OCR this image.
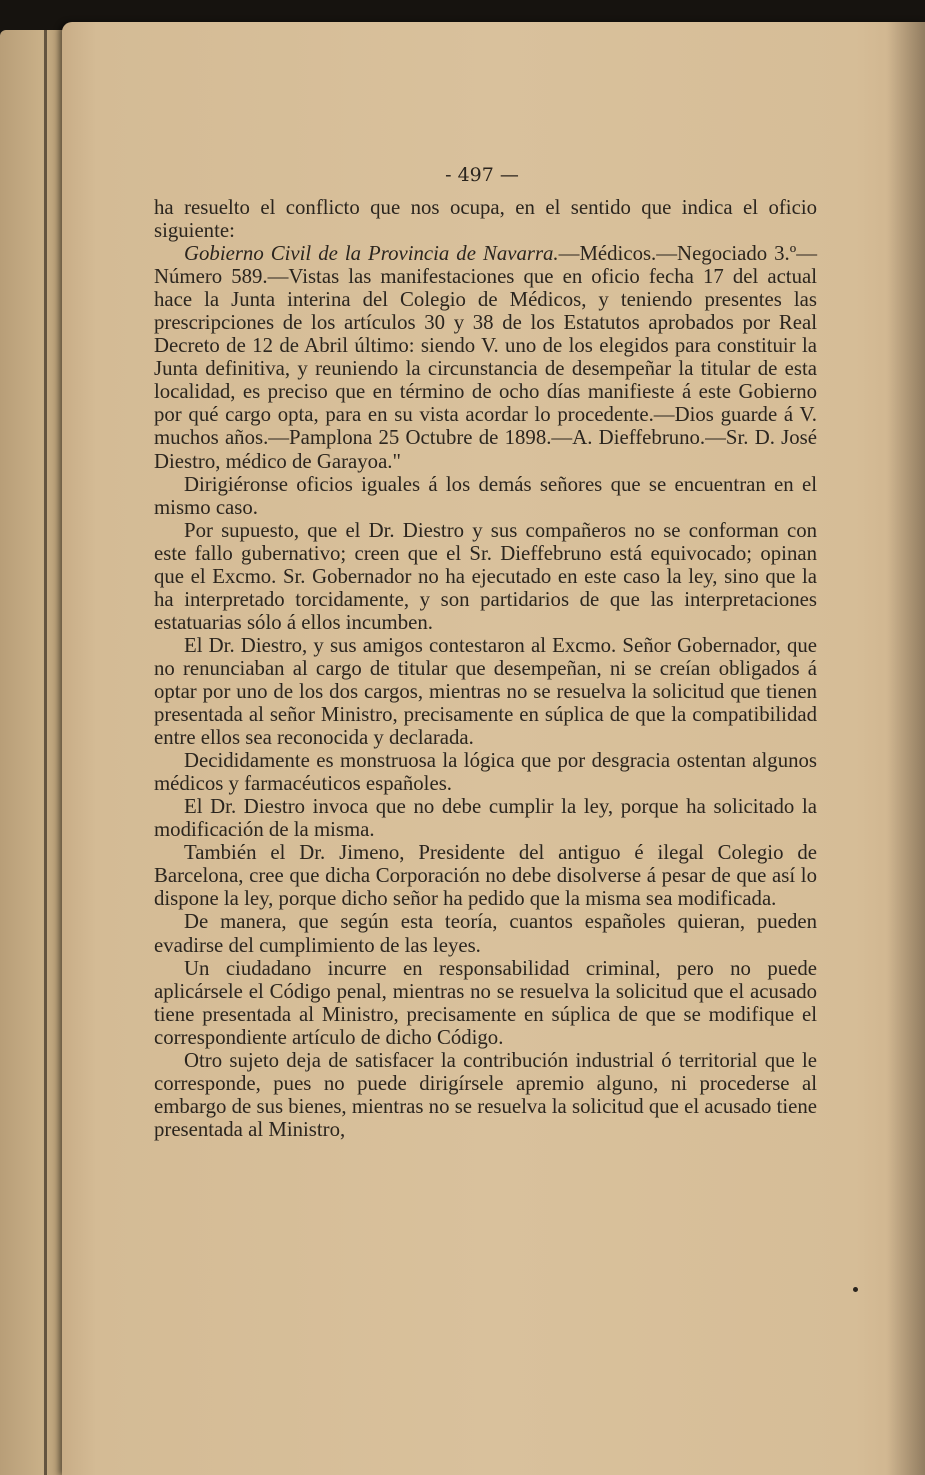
- 497 —

ha resuelto el conflicto que nos ocupa, en el sentido que indica el oficio siguiente:

Gobierno Civil de la Provincia de Navarra.—Médicos.—Negociado 3.º—Número 589.—Vistas las manifestaciones que en oficio fecha 17 del actual hace la Junta interina del Colegio de Médicos, y teniendo presentes las prescripciones de los artículos 30 y 38 de los Estatutos aprobados por Real Decreto de 12 de Abril último: siendo V. uno de los elegidos para constituir la Junta definitiva, y reuniendo la circunstancia de desempeñar la titular de esta localidad, es preciso que en término de ocho días manifieste á este Gobierno por qué cargo opta, para en su vista acordar lo procedente.—Dios guarde á V. muchos años.—Pamplona 25 Octubre de 1898.—A. Dieffebruno.—Sr. D. José Diestro, médico de Garayoa."

Dirigiéronse oficios iguales á los demás señores que se encuentran en el mismo caso.

Por supuesto, que el Dr. Diestro y sus compañeros no se conforman con este fallo gubernativo; creen que el Sr. Dieffebruno está equivocado; opinan que el Excmo. Sr. Gobernador no ha ejecutado en este caso la ley, sino que la ha interpretado torcidamente, y son partidarios de que las interpretaciones estatuarias sólo á ellos incumben.

El Dr. Diestro, y sus amigos contestaron al Excmo. Señor Gobernador, que no renunciaban al cargo de titular que desempeñan, ni se creían obligados á optar por uno de los dos cargos, mientras no se resuelva la solicitud que tienen presentada al señor Ministro, precisamente en súplica de que la compatibilidad entre ellos sea reconocida y declarada.

Decididamente es monstruosa la lógica que por desgracia ostentan algunos médicos y farmacéuticos españoles.

El Dr. Diestro invoca que no debe cumplir la ley, porque ha solicitado la modificación de la misma.

También el Dr. Jimeno, Presidente del antiguo é ilegal Colegio de Barcelona, cree que dicha Corporación no debe disolverse á pesar de que así lo dispone la ley, porque dicho señor ha pedido que la misma sea modificada.

De manera, que según esta teoría, cuantos españoles quieran, pueden evadirse del cumplimiento de las leyes.

Un ciudadano incurre en responsabilidad criminal, pero no puede aplicársele el Código penal, mientras no se resuelva la solicitud que el acusado tiene presentada al Ministro, precisamente en súplica de que se modifique el correspondiente artículo de dicho Código.

Otro sujeto deja de satisfacer la contribución industrial ó territorial que le corresponde, pues no puede dirigírsele apremio alguno, ni procederse al embargo de sus bienes, mientras no se resuelva la solicitud que el acusado tiene presentada al Ministro,
